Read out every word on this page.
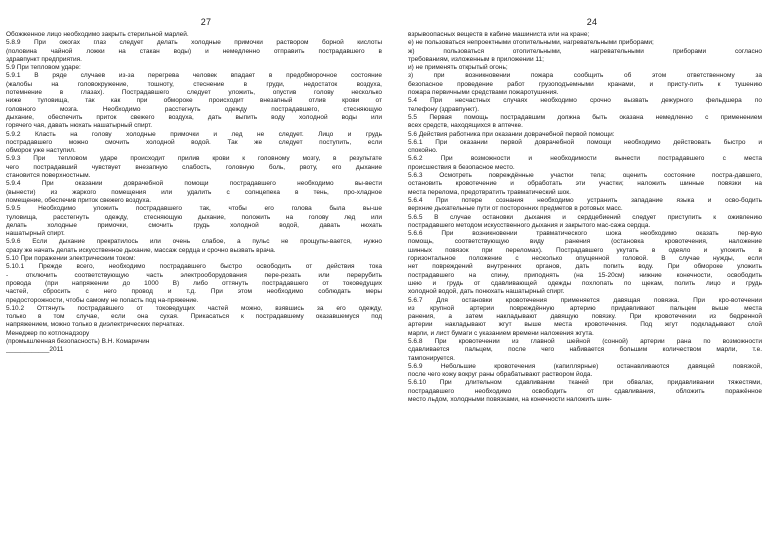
27
Обожженное лицо необходимо закрыть стерильной марлей.
5.8.9 При ожогах глаз следует делать холодные примочки раствором борной кислоты
(половина чайной ложки на стакан воды) и немедленно отправить пострадавшего в
здравпункт предприятия.
5.9 При тепловом ударе:
5.9.1 В ряде случаев из-за перегрева человек впадает в предобморочное состояние
(жалобы на головокружение, тошноту, стеснение в груди, недостаток воздуха,
потемнение в глазах). Пострадавшего следует уложить, опустив голову несколько
ниже туловища, так как при обмороке происходит внезапный отлив крови от
головного мозга. Необходимо расстегнуть одежду пострадавшего, стесняющую
дыхание, обеспечить приток свежего воздуха, дать выпить воду холодной воды или
горячего чая, давать нюхать нашатырный спирт.
5.9.2 Класть на голову холодные примочки и лед не следует. Лицо и грудь
пострадавшего можно смочить холодной водой. Так же следует поступить, если
обморок уже наступил.
5.9.3 При тепловом ударе происходит прилив крови к головному мозгу, в результате
чего пострадавший чувствует внезапную слабость, головную боль, рвоту, его дыхание
становится поверхностным.
5.9.4 При оказании доврачебной помощи пострадавшего необходимо вы-вести
(вынести) из жаркого помещения или удалить с солнцепека в тень, про-хладное
помещение, обеспечив приток свежего воздуха.
5.9.5 Необходимо уложить пострадавшего так, чтобы его голова была вы-ше
туловища, расстегнуть одежду, стесняющую дыхание, положить на голову лед или
делать холодные примочки, смочить грудь холодной водой, давать нюхать
нашатырный спирт.
5.9.6 Если дыхание прекратилось или очень слабое, а пульс не прощупы-вается, нужно
сразу же начать делать искусственное дыхание, массаж сердца и срочно вызвать врача.
5.10 При поражении электрическим током:
5.10.1 Прежде всего, необходимо пострадавшего быстро освободить от действия тока
- отключить соответствующую часть электрооборудования пере-резать или перерубить
провода (при напряжении до 1000 В) либо оттянуть пострадавшего от токоведущих
частей, сбросить с него провод и т.д. При этом необходимо соблюдать меры
предосторожности, чтобы самому не попасть под на-пряжение.
5.10.2 Оттянуть пострадавшего от токоведущих частей можно, взявшись за его одежду,
только в том случае, если она сухая. Прикасаться к пострадавшему оказавшемуся под
напряжением, можно только в диэлектрических перчатках.
Менеджер по котлонадзору
(промышленная безопасность) В.Н. Комаричин
____________2011
24
взрывоопасных веществ в кабине машиниста или на кране;
е) не пользоваться непроектными отопительными, нагревательными приборами;
ж) пользоваться отопительными, нагревательными приборами согласно
требованиям, изложенным в приложении 11;
и) не применять открытый огонь;
з) при возникновении пожара сообщить об этом ответственному за
безопасное проведение работ грузоподъемными кранами, и присту-пить к тушению
пожара первичными средствами пожаротушения.
5.4 При несчастных случаях необходимо срочно вызвать дежурного фельдшера по
телефону (здравпункт).
5.5 Первая помощь пострадавшим должна быть оказана немедленно с применением
всех средств, находящихся в аптечке.
5.6 Действия работника при оказании доврачебной первой помощи:
5.6.1 При оказании первой доврачебной помощи необходимо действовать быстро и
спокойно.
5.6.2 При возможности и необходимости вынести пострадавшего с места
происшествия в безопасное место.
5.6.3 Осмотреть повреждённые участки тела; оценить состояние постра-давшего,
остановить кровотечение и обработать эти участки; наложить шинные повязки на
места перелома, предотвратить травматический шок.
5.6.4 При потере сознания необходимо устранить западание языка и осво-бодить
верхние дыхательные пути от посторонних предметов в ротовых масс.
5.6.5 В случае остановки дыхания и сердцебиений следует приступить к оживлению
пострадавшего методом искусственного дыхания и закрытого мас-сажа сердца.
5.6.6 При возникновении травматического шока необходимо оказать пер-вую
помощь, соответствующую виду ранения (остановка кровотечения, наложение
шинных повязок при переломах). Пострадавшего укутать в одеяло и уложить в
горизонтальное положение с несколько опущенной головой. В случае нужды, если
нет повреждений внутренних органов, дать попить воду. При обмороке уложить
пострадавшего на спину, приподнять (на 15-20см) нижние конечности, освободить
шею и грудь от сдавливающей одежды похлопать по щекам, полить лицо и грудь
холодной водой, дать понюхать нашатырный спирт.
5.6.7 Для остановки кровотечения применяется давящая повязка. При кро-вотечении
из крупной артерии повреждённую артерию придавливают пальцем выше места
ранения, а затем накладывают давящую повязку. При кровотечении из бедренной
артерии накладывают жгут выше места кровотечения. Под жгут подкладывают слой
марли, и лист бумаги с указанием времени наложения жгута.
5.6.8 При кровотечении из главной шейной (сонной) артерии рана по возможности
сдавливается пальцем, после чего набивается большим количеством марли, т.е.
тампонируется.
5.6.9 Небольшие кровотечения (капиллярные) останавливаются давящей повязкой,
после чего кожу вокруг раны обрабатывают раствором йода.
5.6.10 При длительном сдавливании тканей при обвалах, придавливании тяжестями,
пострадавшего необходимо освободить от сдавливания, обложить поражённое
место льдом, холодными повязками, на конечности наложить шин-
